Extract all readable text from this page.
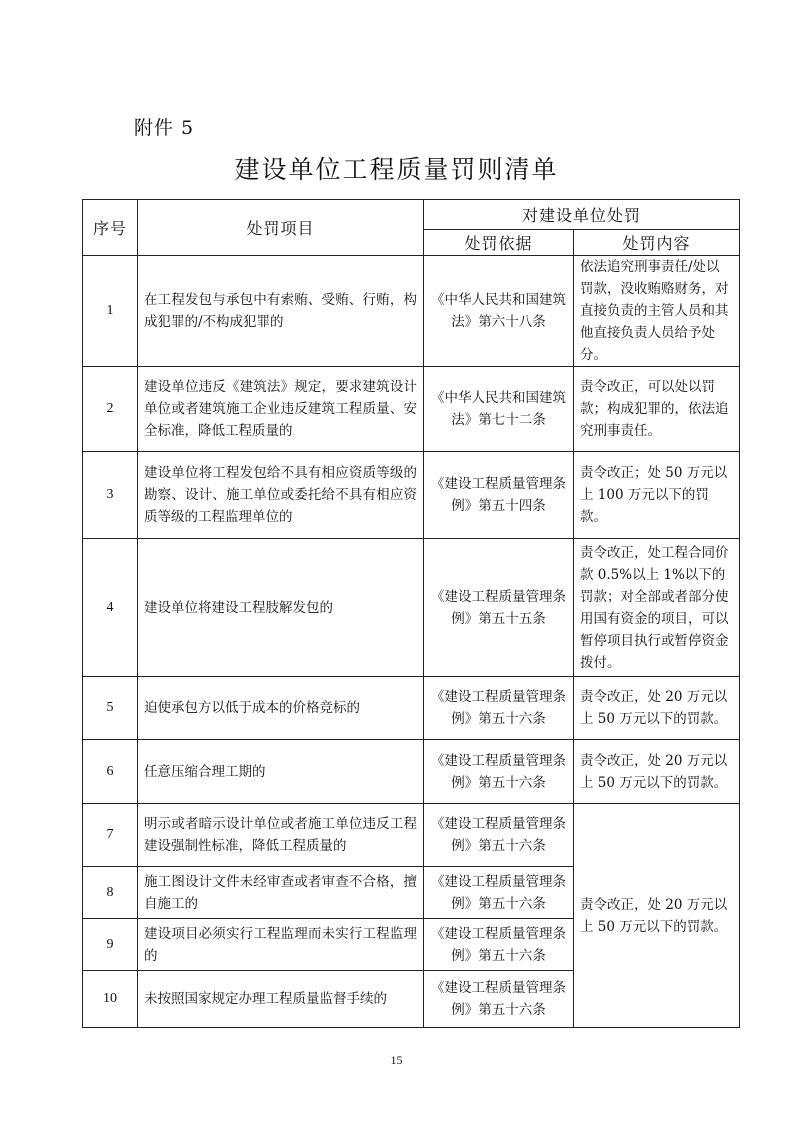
附件 5
建设单位工程质量罚则清单
序号	处罚项目	对建设单位处罚	
		处罚依据	处罚内容
1	在工程发包与承包中有索贿、受贿、行贿，构成犯罪的/不构成犯罪的	《中华人民共和国建筑法》第六十八条	依法追究刑事责任/处以罚款，没收贿赂财务，对直接负责的主管人员和其他直接负责人员给予处分。
2	建设单位违反《建筑法》规定，要求建筑设计单位或者建筑施工企业违反建筑工程质量、安全标准，降低工程质量的	《中华人民共和国建筑法》第七十二条	责令改正，可以处以罚款；构成犯罪的，依法追究刑事责任。
3	建设单位将工程发包给不具有相应资质等级的勘察、设计、施工单位或委托给不具有相应资质等级的工程监理单位的	《建设工程质量管理条例》第五十四条	责令改正；处 50 万元以上 100 万元以下的罚款。
4	建设单位将建设工程肢解发包的	《建设工程质量管理条例》第五十五条	责令改正，处工程合同价款 0.5%以上 1%以下的罚款；对全部或者部分使用国有资金的项目，可以暂停项目执行或暂停资金拨付。
5	迫使承包方以低于成本的价格竞标的	《建设工程质量管理条例》第五十六条	责令改正，处 20 万元以上 50 万元以下的罚款。
6	任意压缩合理工期的	《建设工程质量管理条例》第五十六条	责令改正，处 20 万元以上 50 万元以下的罚款。
7	明示或者暗示设计单位或者施工单位违反工程建设强制性标准，降低工程质量的	《建设工程质量管理条例》第五十六条	责令改正，处 20 万元以上 50 万元以下的罚款。
8	施工图设计文件未经审查或者审查不合格，擅自施工的	《建设工程质量管理条例》第五十六条	
9	建设项目必须实行工程监理而未实行工程监理的	《建设工程质量管理条例》第五十六条	
10	未按照国家规定办理工程质量监督手续的	《建设工程质量管理条例》第五十六条	
15
